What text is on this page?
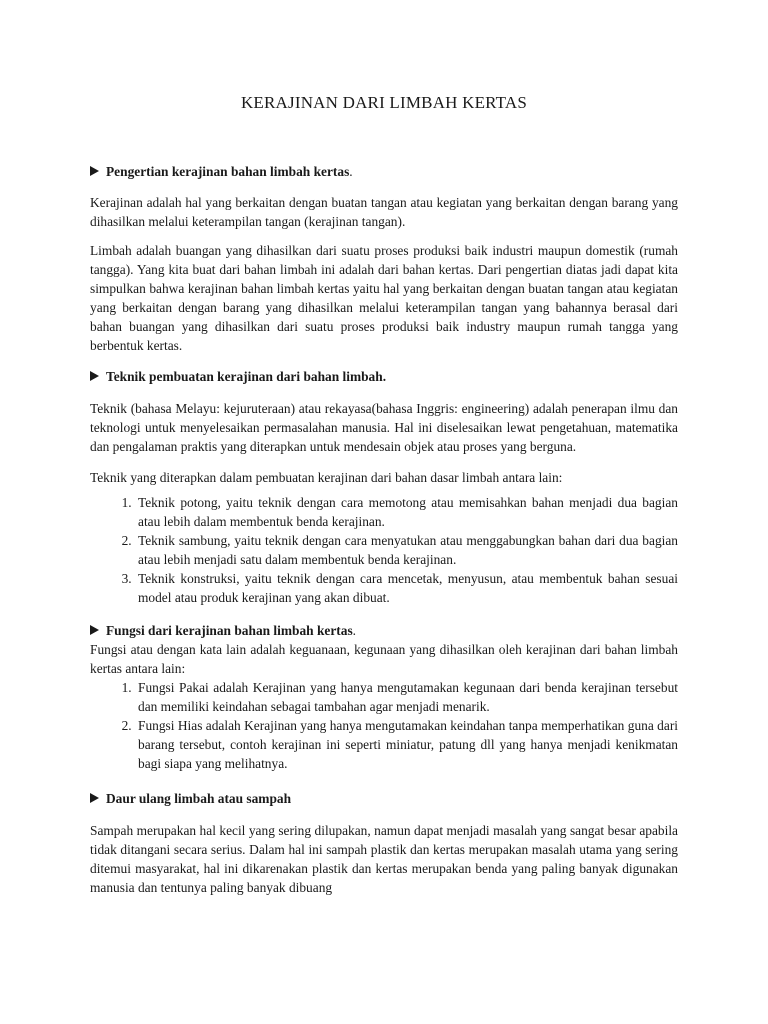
KERAJINAN DARI LIMBAH KERTAS
Pengertian kerajinan bahan limbah kertas .

Kerajinan adalah hal yang berkaitan dengan buatan tangan atau kegiatan yang berkaitan dengan barang yang dihasilkan melalui keterampilan tangan (kerajinan tangan).

Limbah adalah buangan yang dihasilkan dari suatu proses produksi baik industri maupun domestik (rumah tangga). Yang kita buat dari bahan limbah ini adalah dari bahan kertas. Dari pengertian diatas jadi dapat kita simpulkan bahwa kerajinan bahan limbah kertas yaitu hal yang berkaitan dengan buatan tangan atau kegiatan yang berkaitan dengan barang yang dihasilkan melalui keterampilan tangan yang bahannya berasal dari bahan buangan yang dihasilkan dari suatu proses produksi baik industry maupun rumah tangga yang berbentuk kertas.

Teknik pembuatan kerajinan dari bahan limbah.

Teknik (bahasa Melayu: kejuruteraan) atau rekayasa(bahasa Inggris: engineering) adalah penerapan ilmu dan teknologi untuk menyelesaikan permasalahan manusia. Hal ini diselesaikan lewat pengetahuan, matematika dan pengalaman praktis yang diterapkan untuk mendesain objek atau proses yang berguna.

Teknik yang diterapkan dalam pembuatan kerajinan dari bahan dasar limbah antara lain:

1. Teknik potong, yaitu teknik dengan cara memotong atau memisahkan bahan menjadi dua bagian atau lebih dalam membentuk benda kerajinan.
2. Teknik sambung, yaitu teknik dengan cara menyatukan atau menggabungkan bahan dari dua bagian atau lebih menjadi satu dalam membentuk benda kerajinan.
3. Teknik konstruksi, yaitu teknik dengan cara mencetak, menyusun, atau membentuk bahan sesuai model atau produk kerajinan yang akan dibuat.
Fungsi dari kerajinan bahan limbah kertas .

Fungsi atau dengan kata lain adalah keguanaan, kegunaan yang dihasilkan oleh kerajinan dari bahan limbah kertas antara lain:

1. Fungsi Pakai adalah Kerajinan yang hanya mengutamakan kegunaan dari benda kerajinan tersebut dan memiliki keindahan sebagai tambahan agar menjadi menarik.
2. Fungsi Hias adalah Kerajinan yang hanya mengutamakan keindahan tanpa memperhatikan guna dari barang tersebut, contoh kerajinan ini seperti miniatur, patung dll yang hanya menjadi kenikmatan bagi siapa yang melihatnya.
Daur ulang limbah atau sampah

Sampah merupakan hal kecil yang sering dilupakan, namun dapat menjadi masalah yang sangat besar apabila tidak ditangani secara serius. Dalam hal ini sampah plastik dan kertas merupakan masalah utama yang sering ditemui masyarakat, hal ini dikarenakan plastik dan kertas merupakan benda yang paling banyak digunakan manusia dan tentunya paling banyak dibuang
